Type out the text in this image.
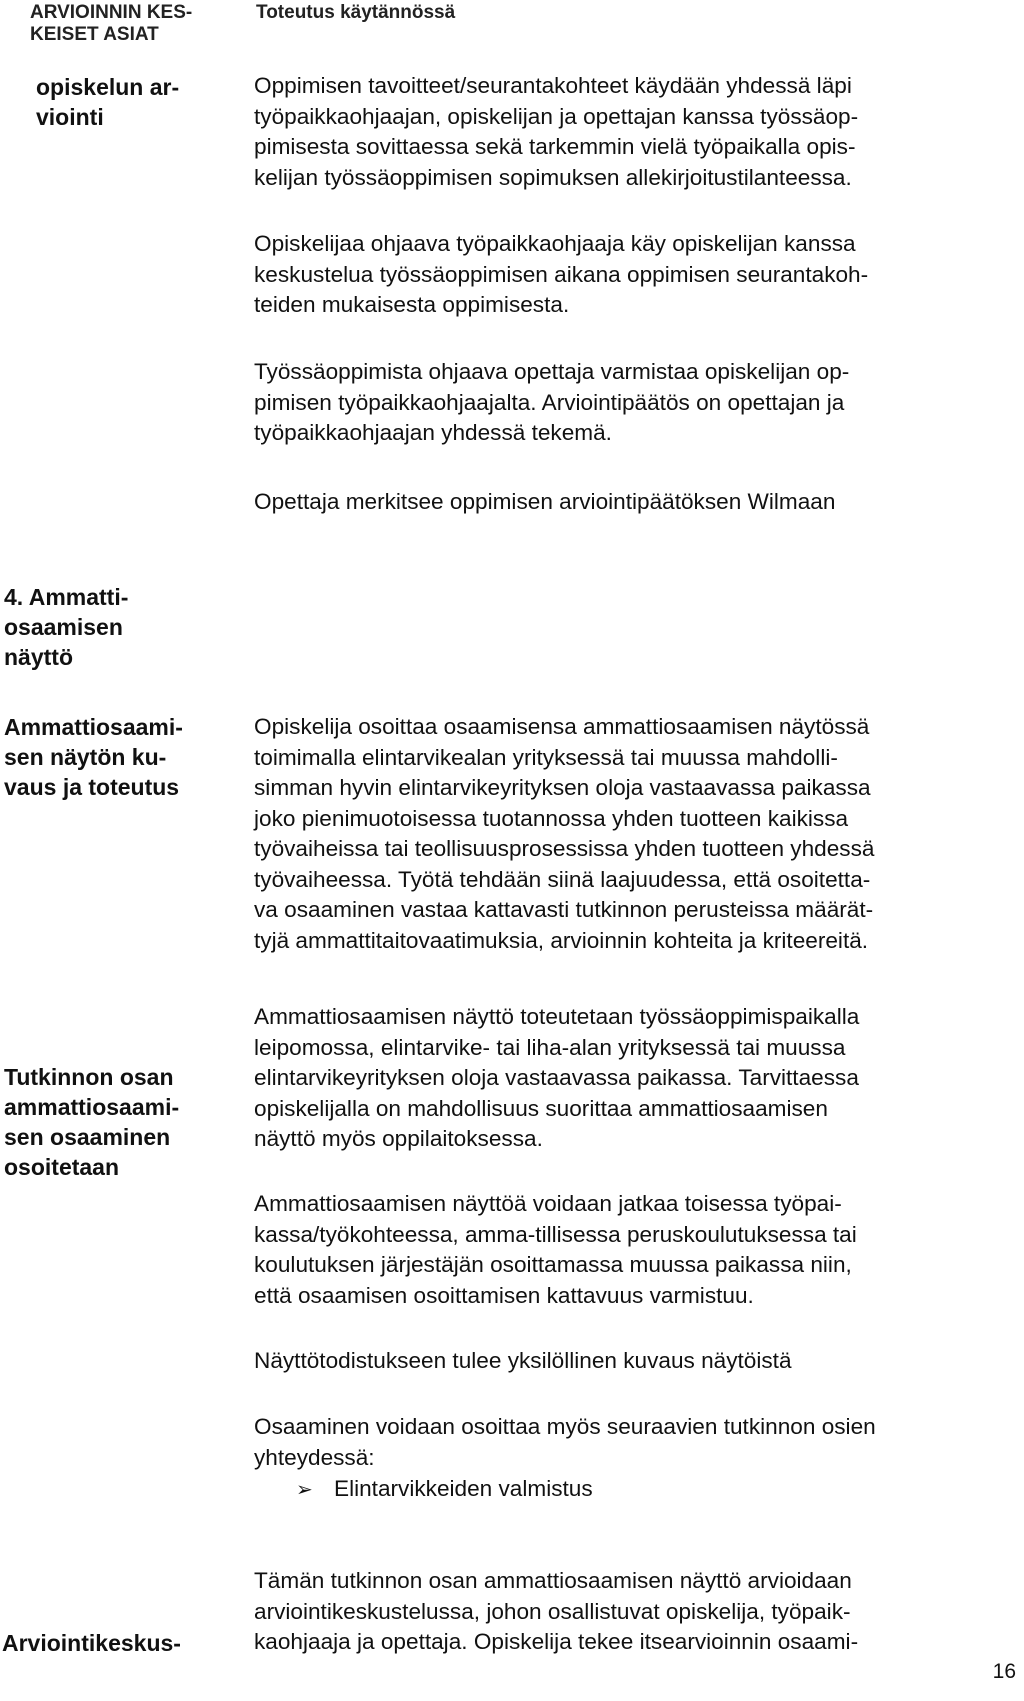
ARVIOINNIN KES-
KEISET ASIAT
Toteutus käytännössä

opiskelun ar-
viointi

Oppimisen tavoitteet/seurantakohteet käydään yhdessä läpi
työpaikkaohjaajan, opiskelijan ja opettajan kanssa työssäop-
pimisesta sovittaessa sekä tarkemmin vielä työpaikalla opis-
kelijan työssäoppimisen sopimuksen allekirjoitustilanteessa.

Opiskelijaa ohjaava työpaikkaohjaaja käy opiskelijan kanssa
keskustelua työssäoppimisen aikana oppimisen seurantakoh-
teiden mukaisesta oppimisesta.

Työssäoppimista ohjaava opettaja varmistaa opiskelijan op-
pimisen työpaikkaohjaajalta. Arviointipäätös on opettajan ja
työpaikkaohjaajan yhdessä tekemä.

Opettaja merkitsee oppimisen arviointipäätöksen Wilmaan

4. Ammatti-
osaamisen
näyttö

Ammattiosaami-
sen näytön ku-
vaus ja toteutus

Opiskelija osoittaa osaamisensa ammattiosaamisen näytössä
toimimalla elintarvikealan yrityksessä tai muussa mahdolli-
simman hyvin elintarvikeyrityksen oloja vastaavassa paikassa
joko pienimuotoisessa tuotannossa yhden tuotteen kaikissa
työvaiheissa tai teollisuusprosessissa yhden tuotteen yhdessä
työvaiheessa. Työtä tehdään siinä laajuudessa, että osoitetta-
va osaaminen vastaa kattavasti tutkinnon perusteissa määrät-
tyjä ammattitaitovaatimuksia, arvioinnin kohteita ja kriteereitä.

Tutkinnon osan
ammattiosaami-
sen osaaminen
osoitetaan

Ammattiosaamisen näyttö toteutetaan työssäoppimispaikalla
leipomossa, elintarvike- tai liha-alan yrityksessä tai muussa
elintarvikeyrityksen oloja vastaavassa paikassa. Tarvittaessa
opiskelijalla on mahdollisuus suorittaa ammattiosaamisen
näyttö myös oppilaitoksessa.

Ammattiosaamisen näyttöä voidaan jatkaa toisessa työpai-
kassa/työkohteessa, amma-tillisessa peruskoulutuksessa tai
koulutuksen järjestäjän osoittamassa muussa paikassa niin,
että osaamisen osoittamisen kattavuus varmistuu.

Näyttötodistukseen tulee yksilöllinen kuvaus näytöistä

Osaaminen voidaan osoittaa myös seuraavien tutkinnon osien
yhteydessä:

➢ Elintarvikkeiden valmistus

Arviointikeskus-

Tämän tutkinnon osan ammattiosaamisen näyttö arvioidaan
arviointikeskustelussa, johon osallistuvat opiskelija, työpaik-
kaohjaaja ja opettaja. Opiskelija tekee itsearvioinnin osaami-

16
